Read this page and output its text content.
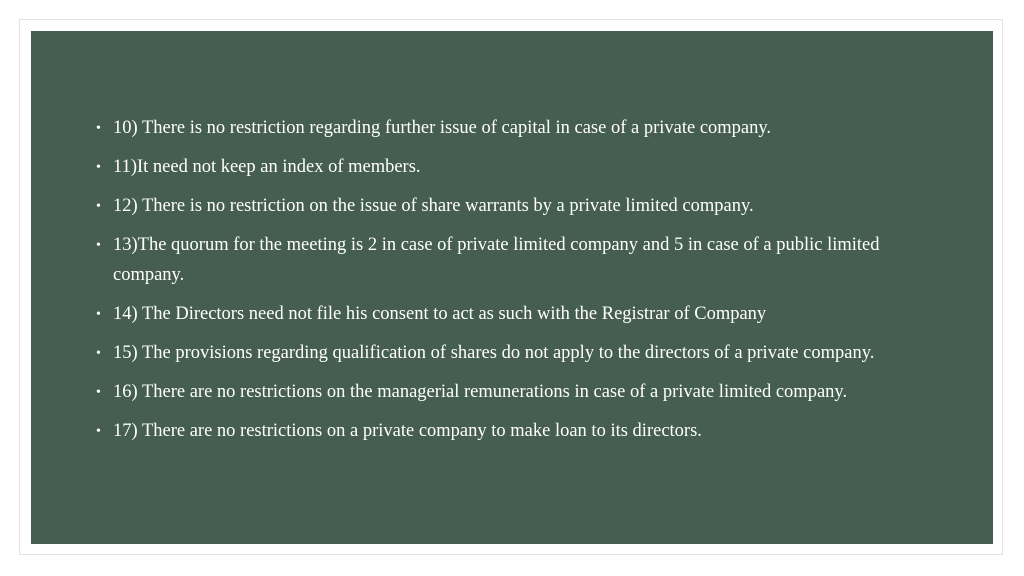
• 10) There is no restriction regarding further issue of capital in case of a private company.
• 11)It need not keep an index of members.
• 12) There is no restriction on the issue of share warrants by a private limited company.
• 13)The quorum for the meeting is 2 in case of private limited company and 5 in case of a public limited company.
• 14) The Directors need not file his consent to act as such with the Registrar of Company
• 15) The provisions regarding qualification of shares do not apply to the directors of a private company.
• 16) There are no restrictions on the managerial remunerations in case of a private limited company.
• 17) There are no restrictions on a private company to make loan to its directors.
